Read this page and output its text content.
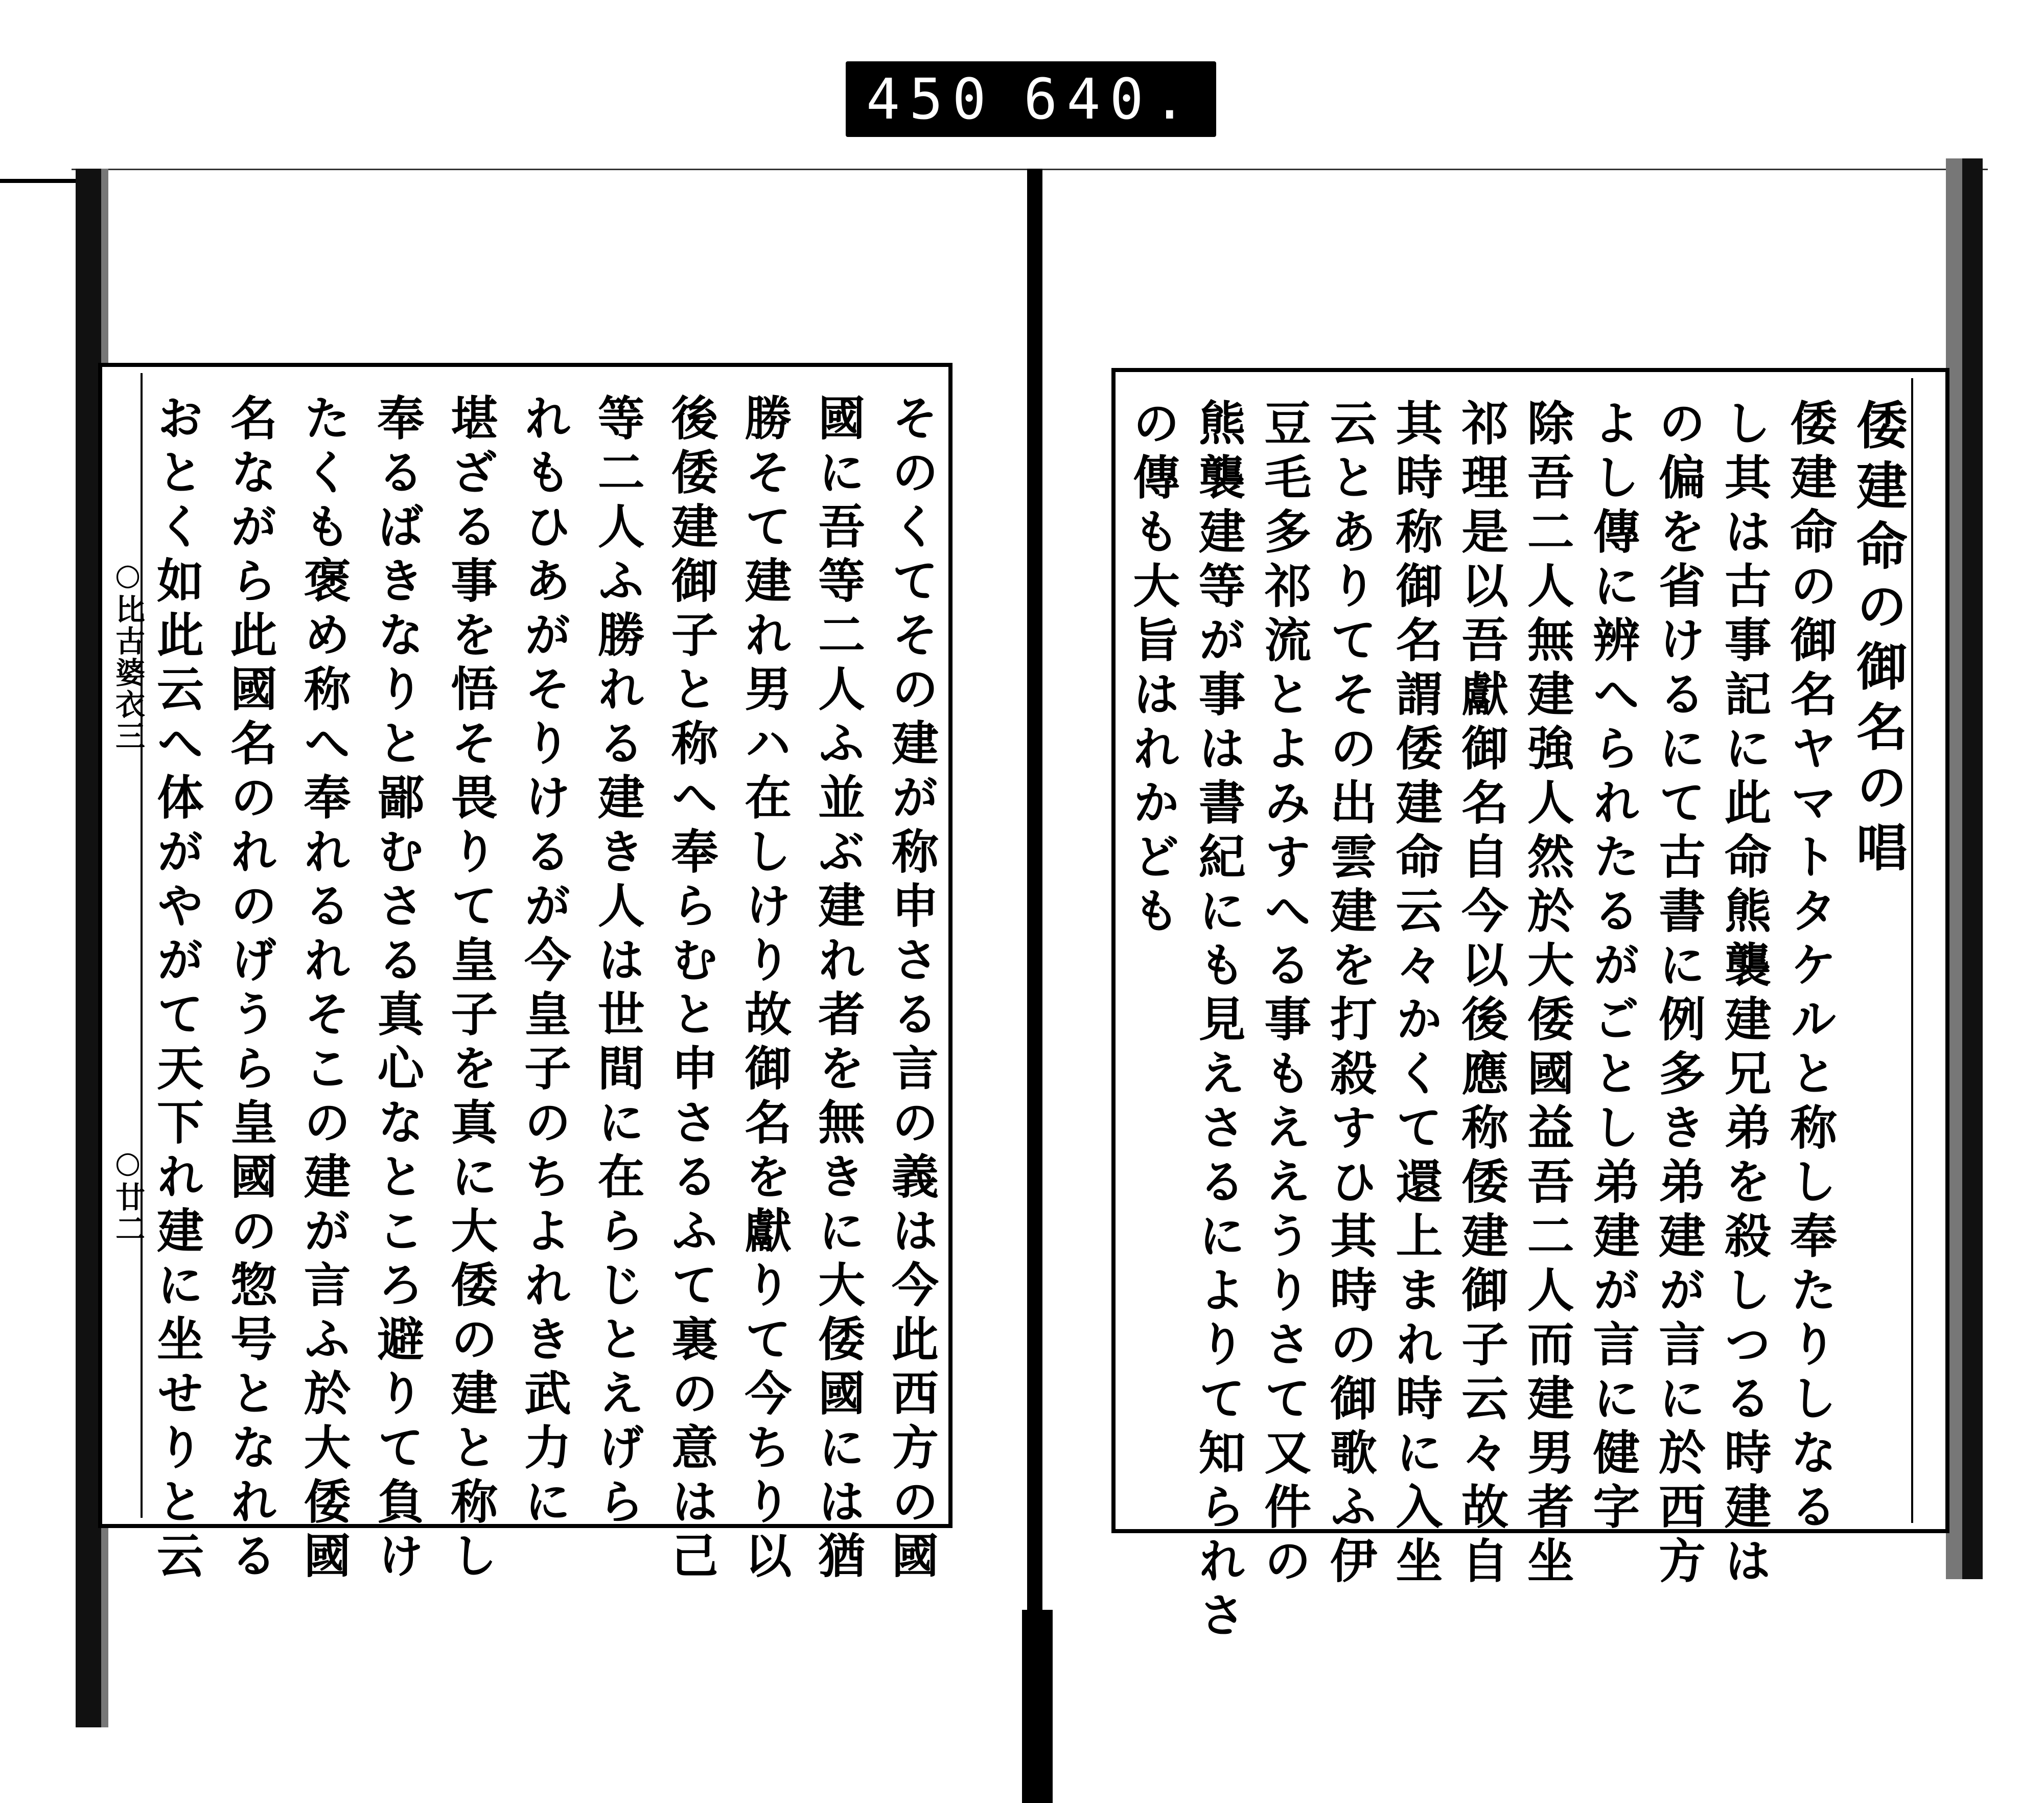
450 640.
そのくてその建が称申さる言の義は今此西方の國
國に吾等二人ふ並ぶ建れ者を無きに大倭國には猶
勝そて建れ男ハ在しけり故御名を獻りて今ちり以
後倭建御子と称へ奉らむと申さるふて裏の意は己
等二人ふ勝れる建き人は世間に在らじとえげら
れもひあがそりけるが今皇子のちよれき武力に
堪ざる事を悟そ畏りて皇子を真に大倭の建と称し
奉るばきなりと鄙むさる真心なところ避りて負け
たくも褒め称へ奉れるれそこの建が言ふ於大倭國
名ながら此國名のれのげうら皇國の惣号となれる
おとく如此云へ体がやがて天下れ建に坐せりと云
○比古婆衣三
○廿二
倭建命の御名の唱
倭建命の御名ヤマトタケルと称し奉たりしなる
し其は古事記に此命熊襲建兄弟を殺しつる時建は
の偏を省けるにて古書に例多き弟建が言に於西方
よし傳に辨へられたるがごとし弟建が言に健字
除吾二人無建強人然於大倭國益吾二人而建男者坐
祁理是以吾獻御名自今以後應称倭建御子云々故自
其時称御名謂倭建命云々かくて還上まれ時に入坐
云とありてその出雲建を打殺すひ其時の御歌ふ伊
豆毛多祁流とよみすへる事もええうりさて又件の
熊襲建等が事は書紀にも見えさるによりて知られさ
の傳も大旨はれかども
